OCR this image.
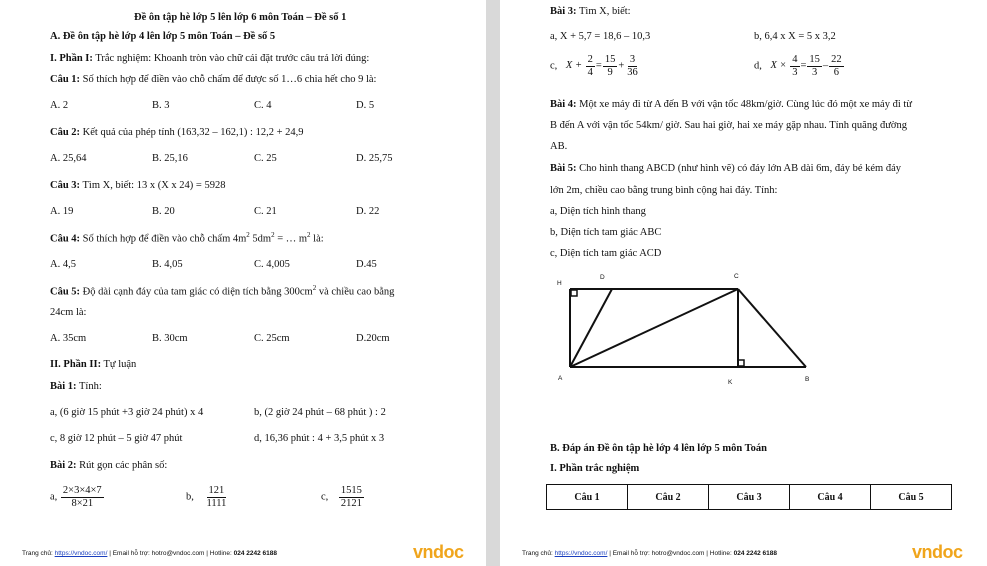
Đề ôn tập hè lớp 5 lên lớp 6 môn Toán – Đề số 1
A. Đề ôn tập hè lớp 4 lên lớp 5 môn Toán – Đề số 5
I. Phần I: Trắc nghiệm: Khoanh tròn vào chữ cái đặt trước câu trả lời đúng:
Câu 1: Số thích hợp để điền vào chỗ chấm để được số 1…6 chia hết cho 9 là:
A. 2	B. 3	C. 4	D. 5
Câu 2: Kết quả của phép tính (163,32 – 162,1) : 12,2 + 24,9
A. 25,64	B. 25,16	C. 25	D. 25,75
Câu 3: Tìm X, biết: 13 x (X x 24) = 5928
A. 19	B. 20	C. 21	D. 22
Câu 4: Số thích hợp để điền vào chỗ chấm $4m^2$ $5dm^2$ = … $m^2$ là:
A. 4,5	B. 4,05	C. 4,005	D.45
Câu 5: Độ dài cạnh đáy của tam giác có diện tích bằng $300cm^2$ và chiều cao bằng
24cm là:
A. 35cm	B. 30cm	C. 25cm	D.20cm
II. Phần II: Tự luận
Bài 1: Tính:
a, (6 giờ 15 phút +3 giờ 24 phút) x 4	b, (2 giờ 24 phút – 68 phút ) : 2
c, 8 giờ 12 phút – 5 giờ 47 phút	d, 16,36 phút : 4 + 3,5 phút x 3
Bài 2: Rút gọn các phân số:
a, $\frac{2\times 3\times 4\times 7}{8\times 21}$	b, $\frac{121}{1111}$	c, $\frac{1515}{2121}$
Trang chủ: https://vndoc.com/ | Email hỗ trợ: hotro@vndoc.com | Hotline: 024 2242 6188	vndoc
Bài 3: Tìm X, biết:
a, X + 5,7 = 18,6 – 10,3	b, 6,4 x X = 5 x 3,2
c, $X + \frac{2}{4} = \frac{15}{9} + \frac{3}{36}$	d, $X \times \frac{4}{3} = \frac{15}{3} - \frac{22}{6}$
Bài 4: Một xe máy đi từ A đến B với vận tốc 48km/giờ. Cùng lúc đó một xe máy đi từ
B đến A với vận tốc 54km/ giờ. Sau hai giờ, hai xe máy gặp nhau. Tính quãng đường
AB.
Bài 5: Cho hình thang ABCD (như hình vẽ) có đáy lớn AB dài 6m, đáy bé kém đáy
lớn 2m, chiều cao bằng trung bình cộng hai đáy. Tính:
a, Diện tích hình thang
b, Diện tích tam giác ABC
c, Diện tích tam giác ACD
H
D	C
A
K	B
B. Đáp án Đề ôn tập hè lớp 4 lên lớp 5 môn Toán
I. Phần trắc nghiệm
Trang chủ: https://vndoc.com/ | Email hỗ trợ: hotro@vndoc.com | Hotline: 024 2242 6188	vndoc
Câu 1	Câu 2	Câu 3	Câu 4	Câu 5
